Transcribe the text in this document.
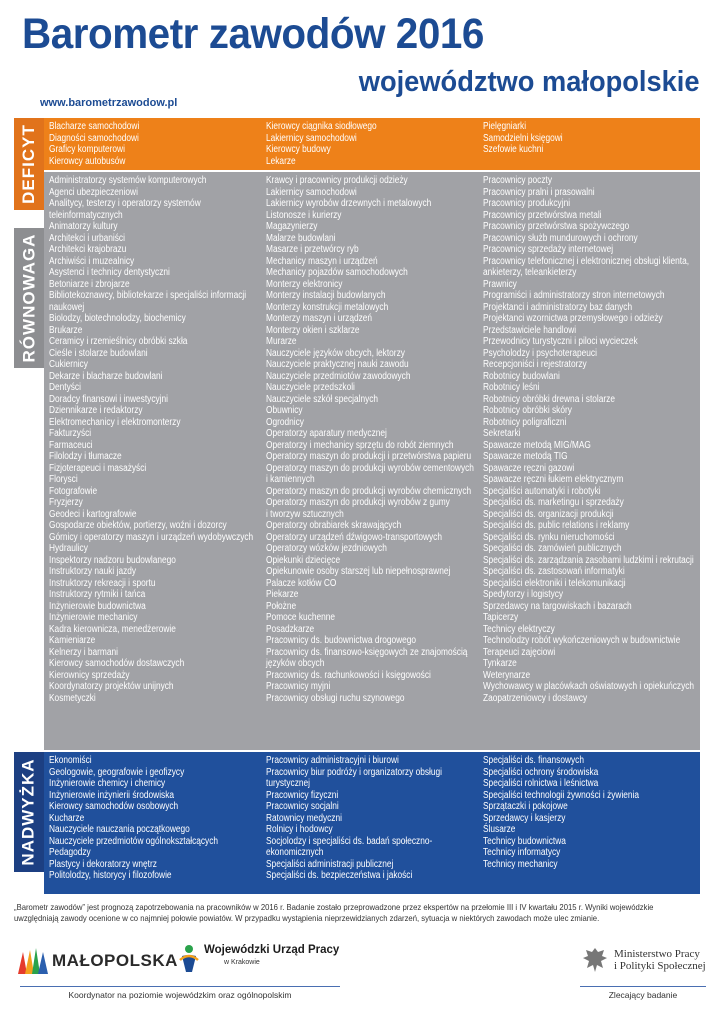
Barometr zawodów 2016
województwo małopolskie
www.barometrzawodow.pl
Blacharze samochodowi
Diagności samochodowi
Graficy komputerowi
Kierowcy autobusów
Kierowcy ciągnika siodłowego
Lakiernicy samochodowi
Kierowcy budowy
Lekarze
Pielęgniarki
Samodzielni księgowi
Szefowie kuchni
Administratorzy systemów komputerowych
Agenci ubezpieczeniowi
Analitycy, testerzy i operatorzy systemów
teleinformatycznych
Animatorzy kultury
Architekci i urbaniści
Architekci krajobrazu
Archiwiści i muzealnicy
Asystenci i technicy dentystyczni
Betoniarze i zbrojarze
Bibliotekoznawcy, bibliotekarze i specjaliści informacji
naukowej
Biolodzy, biotechnolodzy, biochemicy
Brukarze
Ceramicy i rzemieślnicy obróbki szkła
Cieśle i stolarze budowlani
Cukiernicy
Dekarze i blacharze budowlani
Dentyści
Doradcy finansowi i inwestycyjni
Dziennikarze i redaktorzy
Elektromechanicy i elektromonterzy
Fakturzyści
Farmaceuci
Filolodzy i tłumacze
Fizjoterapeuci i masażyści
Florysci
Fotografowie
Fryzjerzy
Geodeci i kartografowie
Gospodarze obiektów, portierzy, woźni i dozorcy
Górnicy i operatorzy maszyn i urządzeń wydobywczych
Hydraulicy
Inspektorzy nadzoru budowlanego
Instruktorzy nauki jazdy
Instruktorzy rekreacji i sportu
Instruktorzy rytmiki i tańca
Inżynierowie budownictwa
Inżynierowie mechanicy
Kadra kierownicza, menedżerowie
Kamieniarze
Kelnerzy i barmani
Kierowcy samochodów dostawczych
Kierownicy sprzedaży
Koordynatorzy projektów unijnych
Kosmetyczki
Krawcy i pracownicy produkcji odzieży
Lakiernicy samochodowi
Lakiernicy wyrobów drzewnych i metalowych
Listonosze i kurierzy
Magazynierzy
Malarze budowlani
Masarze i przetwórcy ryb
Mechanicy maszyn i urządzeń
Mechanicy pojazdów samochodowych
Monterzy elektronicy
Monterzy instalacji budowlanych
Monterzy konstrukcji metalowych
Monterzy maszyn i urządzeń
Monterzy okien i szklarze
Murarze
Nauczyciele języków obcych, lektorzy
Nauczyciele praktycznej nauki zawodu
Nauczyciele przedmiotów zawodowych
Nauczyciele przedszkoli
Nauczyciele szkół specjalnych
Obuwnicy
Ogrodnicy
Operatorzy aparatury medycznej
Operatorzy i mechanicy sprzętu do robót ziemnych
Operatorzy maszyn do produkcji i przetwórstwa papieru
Operatorzy maszyn do produkcji wyrobów cementowych
i kamiennych
Operatorzy maszyn do produkcji wyrobów chemicznych
Operatorzy maszyn do produkcji wyrobów z gumy
i tworzyw sztucznych
Operatorzy obrabiarek skrawających
Operatorzy urządzeń dźwigowo-transportowych
Operatorzy wózków jezdniowych
Opiekunki dziecięce
Opiekunowie osoby starszej lub niepełnosprawnej
Palacze kotłów CO
Piekarze
Położne
Pomoce kuchenne
Posadzkarze
Pracownicy ds. budownictwa drogowego
Pracownicy ds. finansowo-księgowych ze znajomością
języków obcych
Pracownicy ds. rachunkowości i księgowości
Pracownicy myjni
Pracownicy obsługi ruchu szynowego
Pracownicy poczty
Pracownicy pralni i prasowalni
Pracownicy produkcyjni
Pracownicy przetwórstwa metali
Pracownicy przetwórstwa spożywczego
Pracownicy służb mundurowych i ochrony
Pracownicy sprzedaży internetowej
Pracownicy telefonicznej i elektronicznej obsługi klienta,
ankieterzy, teleankieterzy
Prawnicy
Programiści i administratorzy stron internetowych
Projektanci i administratorzy baz danych
Projektanci wzornictwa przemysłowego i odzieży
Przedstawiciele handlowi
Przewodnicy turystyczni i piloci wycieczek
Psycholodzy i psychoterapeuci
Recepcjoniści i rejestratorzy
Robotnicy budowlani
Robotnicy leśni
Robotnicy obróbki drewna i stolarze
Robotnicy obróbki skóry
Robotnicy poligraficzni
Sekretarki
Spawacze metodą MIG/MAG
Spawacze metodą TIG
Spawacze ręczni gazowi
Spawacze ręczni łukiem elektrycznym
Specjaliści automatyki i robotyki
Specjaliści ds. marketingu i sprzedaży
Specjaliści ds. organizacji produkcji
Specjaliści ds. public relations i reklamy
Specjaliści ds. rynku nieruchomości
Specjaliści ds. zamówień publicznych
Specjaliści ds. zarządzania zasobami ludzkimi i rekrutacji
Specjaliści ds. zastosowań informatyki
Specjaliści elektroniki i telekomunikacji
Spedytorzy i logistycy
Sprzedawcy na targowiskach i bazarach
Tapicerzy
Technicy elektryczy
Technolodzy robót wykończeniowych w budownictwie
Terapeuci zajęciowi
Tynkarze
Weterynarze
Wychowawcy w placówkach oświatowych i opiekuńczych
Zaopatrzeniowcy i dostawcy
Ekonomiści
Geologowie, geografowie i geofizycy
Inżynierowie chemicy i chemicy
Inżynierowie inżynierii środowiska
Kierowcy samochodów osobowych
Kucharze
Nauczyciele nauczania początkowego
Nauczyciele przedmiotów ogólnokształcących
Pedagodzy
Plastycy i dekoratorzy wnętrz
Politolodzy, historycy i filozofowie
Pracownicy administracyjni i biurowi
Pracownicy biur podróży i organizatorzy obsługi
turystycznej
Pracownicy fizyczni
Pracownicy socjalni
Ratownicy medyczni
Rolnicy i hodowcy
Socjolodzy i specjaliści ds. badań społeczno-
ekonomicznych
Specjaliści administracji publicznej
Specjaliści ds. bezpieczeństwa i jakości
Specjaliści ds. finansowych
Specjaliści ochrony środowiska
Specjaliści rolnictwa i leśnictwa
Specjaliści technologii żywności i żywienia
Sprzątaczki i pokojowe
Sprzedawcy i kasjerzy
Ślusarze
Technicy budownictwa
Technicy informatycy
Technicy mechanicy
DEFICYT
RÓWNOWAGA
NADWYŻKA
„Barometr zawodów” jest prognozą zapotrzebowania na pracowników w 2016 r. Badanie zostało przeprowadzone przez ekspertów na przełomie III i IV kwartału 2015 r. Wyniki wojewódzkie uwzględniają zawody ocenione w co najmniej połowie powiatów. W przypadku wystąpienia nieprzewidzianych zdarzeń, sytuacja w niektórych zawodach może ulec zmianie.
MAŁOPOLSKA
Wojewódzki Urząd Pracy
w Krakowie
Koordynator na poziomie wojewódzkim oraz ogólnopolskim
Ministerstwo Pracy
i Polityki Społecznej
Zlecający badanie
